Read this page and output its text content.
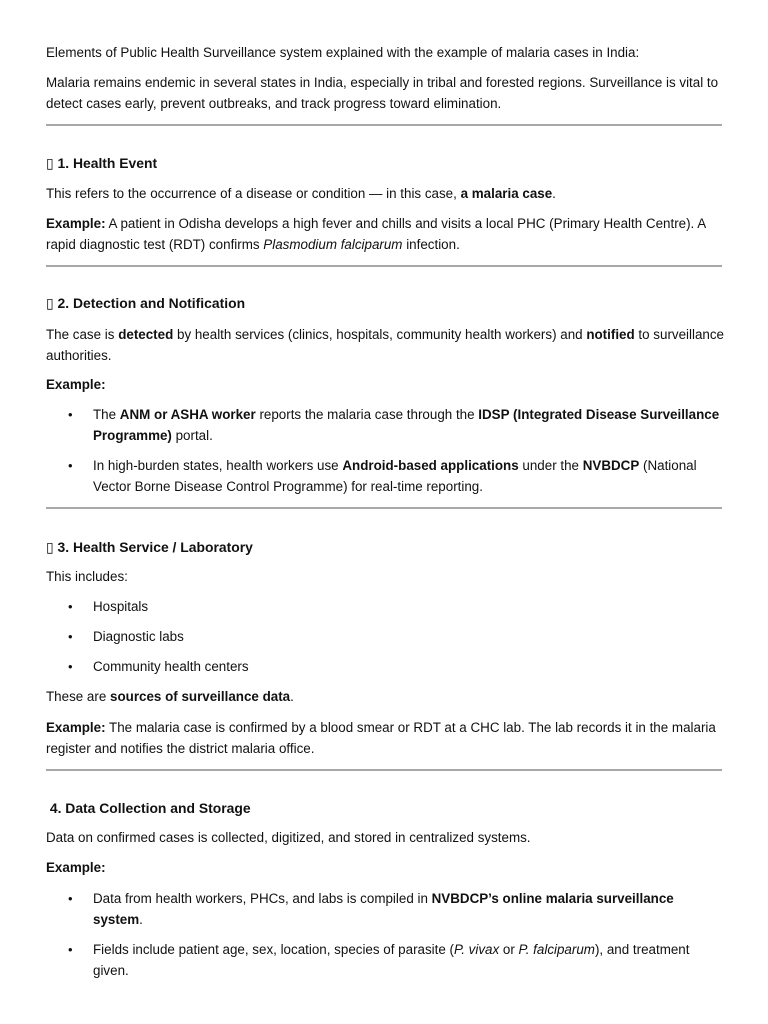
Elements of Public Health Surveillance system explained with the example of malaria cases in India:

Malaria remains endemic in several states in India, especially in tribal and forested regions. Surveillance is vital to detect cases early, prevent outbreaks, and track progress toward elimination.

▯ 1. Health Event

This refers to the occurrence of a disease or condition — in this case, a malaria case.

Example: A patient in Odisha develops a high fever and chills and visits a local PHC (Primary Health Centre). A rapid diagnostic test (RDT) confirms Plasmodium falciparum infection.

▯ 2. Detection and Notification

The case is detected by health services (clinics, hospitals, community health workers) and notified to surveillance authorities.

Example:

• The ANM or ASHA worker reports the malaria case through the IDSP (Integrated Disease Surveillance Programme) portal.

• In high-burden states, health workers use Android-based applications under the NVBDCP (National Vector Borne Disease Control Programme) for real-time reporting.

▯ 3. Health Service / Laboratory

This includes:

• Hospitals

• Diagnostic labs

• Community health centers

These are sources of surveillance data.

Example: The malaria case is confirmed by a blood smear or RDT at a CHC lab. The lab records it in the malaria register and notifies the district malaria office.

4. Data Collection and Storage

Data on confirmed cases is collected, digitized, and stored in centralized systems.

Example:

• Data from health workers, PHCs, and labs is compiled in NVBDCP’s online malaria surveillance system.

• Fields include patient age, sex, location, species of parasite (P. vivax or P. falciparum), and treatment given.
